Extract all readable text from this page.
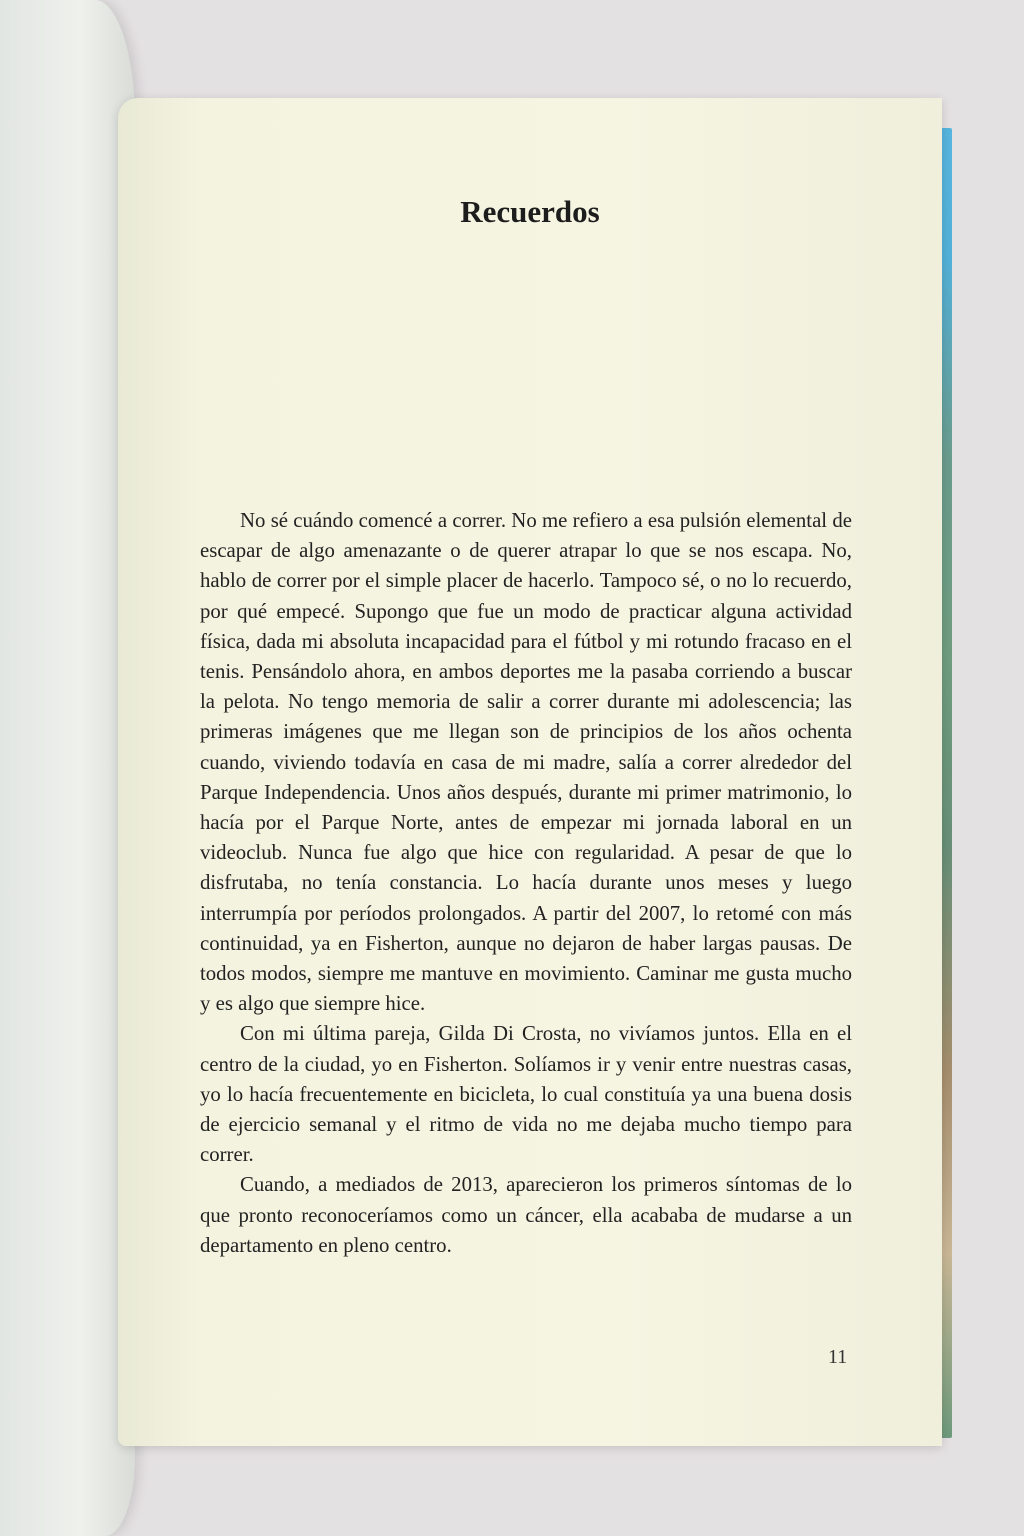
Recuerdos

No sé cuándo comencé a correr. No me refiero a esa pulsión elemental de escapar de algo amenazante o de querer atrapar lo que se nos escapa. No, hablo de correr por el simple placer de hacerlo. Tampoco sé, o no lo recuerdo, por qué empecé. Supongo que fue un modo de practicar alguna actividad física, dada mi absoluta incapacidad para el fútbol y mi rotundo fracaso en el tenis. Pensándolo ahora, en ambos deportes me la pasaba corriendo a buscar la pelota. No tengo memoria de salir a correr durante mi adolescencia; las primeras imágenes que me llegan son de principios de los años ochenta cuando, viviendo todavía en casa de mi madre, salía a correr alrededor del Parque Independencia. Unos años después, durante mi primer matrimonio, lo hacía por el Parque Norte, antes de empezar mi jornada laboral en un videoclub. Nunca fue algo que hice con regularidad. A pesar de que lo disfrutaba, no tenía constancia. Lo hacía durante unos meses y luego interrumpía por períodos prolongados. A partir del 2007, lo retomé con más continuidad, ya en Fisherton, aunque no dejaron de haber largas pausas. De todos modos, siempre me mantuve en movimiento. Caminar me gusta mucho y es algo que siempre hice.

Con mi última pareja, Gilda Di Crosta, no vivíamos juntos. Ella en el centro de la ciudad, yo en Fisherton. Solíamos ir y venir entre nuestras casas, yo lo hacía frecuentemente en bicicleta, lo cual constituía ya una buena dosis de ejercicio semanal y el ritmo de vida no me dejaba mucho tiempo para correr.

Cuando, a mediados de 2013, aparecieron los primeros síntomas de lo que pronto reconoceríamos como un cáncer, ella acababa de mudarse a un departamento en pleno centro.

11
